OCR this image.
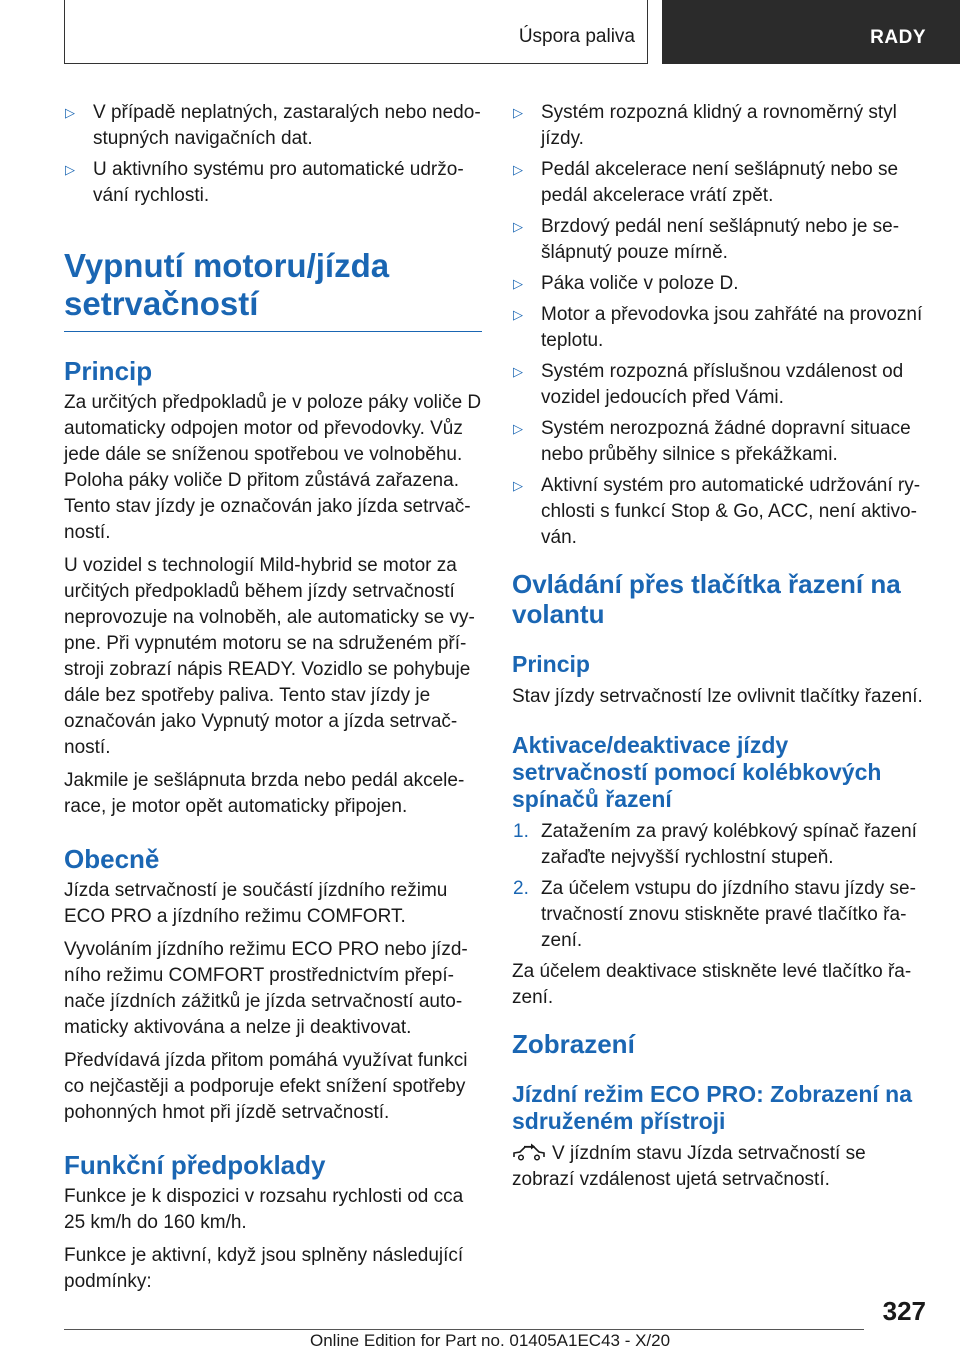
Úspora paliva	RADY
▷ V případě neplatných, zastaralých nebo nedostupných navigačních dat.
▷ U aktivního systému pro automatické udržování rychlosti.
Vypnutí motoru/jízda setrvačností
Princip

Za určitých předpokladů je v poloze páky voliče D automaticky odpojen motor od převodovky. Vůz jede dále se sníženou spotřebou ve volnoběhu. Poloha páky voliče D přitom zůstává zařazena. Tento stav jízdy je označován jako jízda setrvačností.

U vozidel s technologií Mild-hybrid se motor za určitých předpokladů během jízdy setrvačností neprovozuje na volnoběh, ale automaticky se vypne. Při vypnutém motoru se na sdruženém přístroji zobrazí nápis READY. Vozidlo se pohybuje dále bez spotřeby paliva. Tento stav jízdy je označován jako Vypnutý motor a jízda setrvačností.

Jakmile je sešlápnuta brzda nebo pedál akcelerace, je motor opět automaticky připojen.

Obecně

Jízda setrvačností je součástí jízdního režimu ECO PRO a jízdního režimu COMFORT.

Vyvoláním jízdního režimu ECO PRO nebo jízdního režimu COMFORT prostřednictvím přepínače jízdních zážitků je jízda setrvačností automaticky aktivována a nelze ji deaktivovat.

Předvídavá jízda přitom pomáhá využívat funkci co nejčastěji a podporuje efekt snížení spotřeby pohonných hmot při jízdě setrvačností.

Funkční předpoklady

Funkce je k dispozici v rozsahu rychlosti od cca 25 km/h do 160 km/h.

Funkce je aktivní, když jsou splněny následující podmínky:

▷ Systém rozpozná klidný a rovnoměrný styl jízdy.
▷ Pedál akcelerace není sešlápnutý nebo se pedál akcelerace vrátí zpět.
▷ Brzdový pedál není sešlápnutý nebo je sešlápnutý pouze mírně.
▷ Páka voliče v poloze D.
▷ Motor a převodovka jsou zahřáté na provozní teplotu.
▷ Systém rozpozná příslušnou vzdálenost od vozidel jedoucích před Vámi.
▷ Systém nerozpozná žádné dopravní situace nebo průběhy silnice s překážkami.
▷ Aktivní systém pro automatické udržování rychlosti s funkcí Stop & Go, ACC, není aktivován.
Ovládání přes tlačítka řazení na volantu
Princip

Stav jízdy setrvačností lze ovlivnit tlačítky řazení.

Aktivace/deaktivace jízdy setrvačností pomocí kolébkových spínačů řazení
1. Zatažením za pravý kolébkový spínač řazení zařaďte nejvyšší rychlostní stupeň.
2. Za účelem vstupu do jízdního stavu jízdy setrvačností znovu stiskněte pravé tlačítko řazení.

Za účelem deaktivace stiskněte levé tlačítko řazení.

Zobrazení
Jízdní režim ECO PRO: Zobrazení na sdruženém přístroji

V jízdním stavu Jízda setrvačností se zobrazí vzdálenost ujetá setrvačností.

327
Online Edition for Part no. 01405A1EC43 - X/20
